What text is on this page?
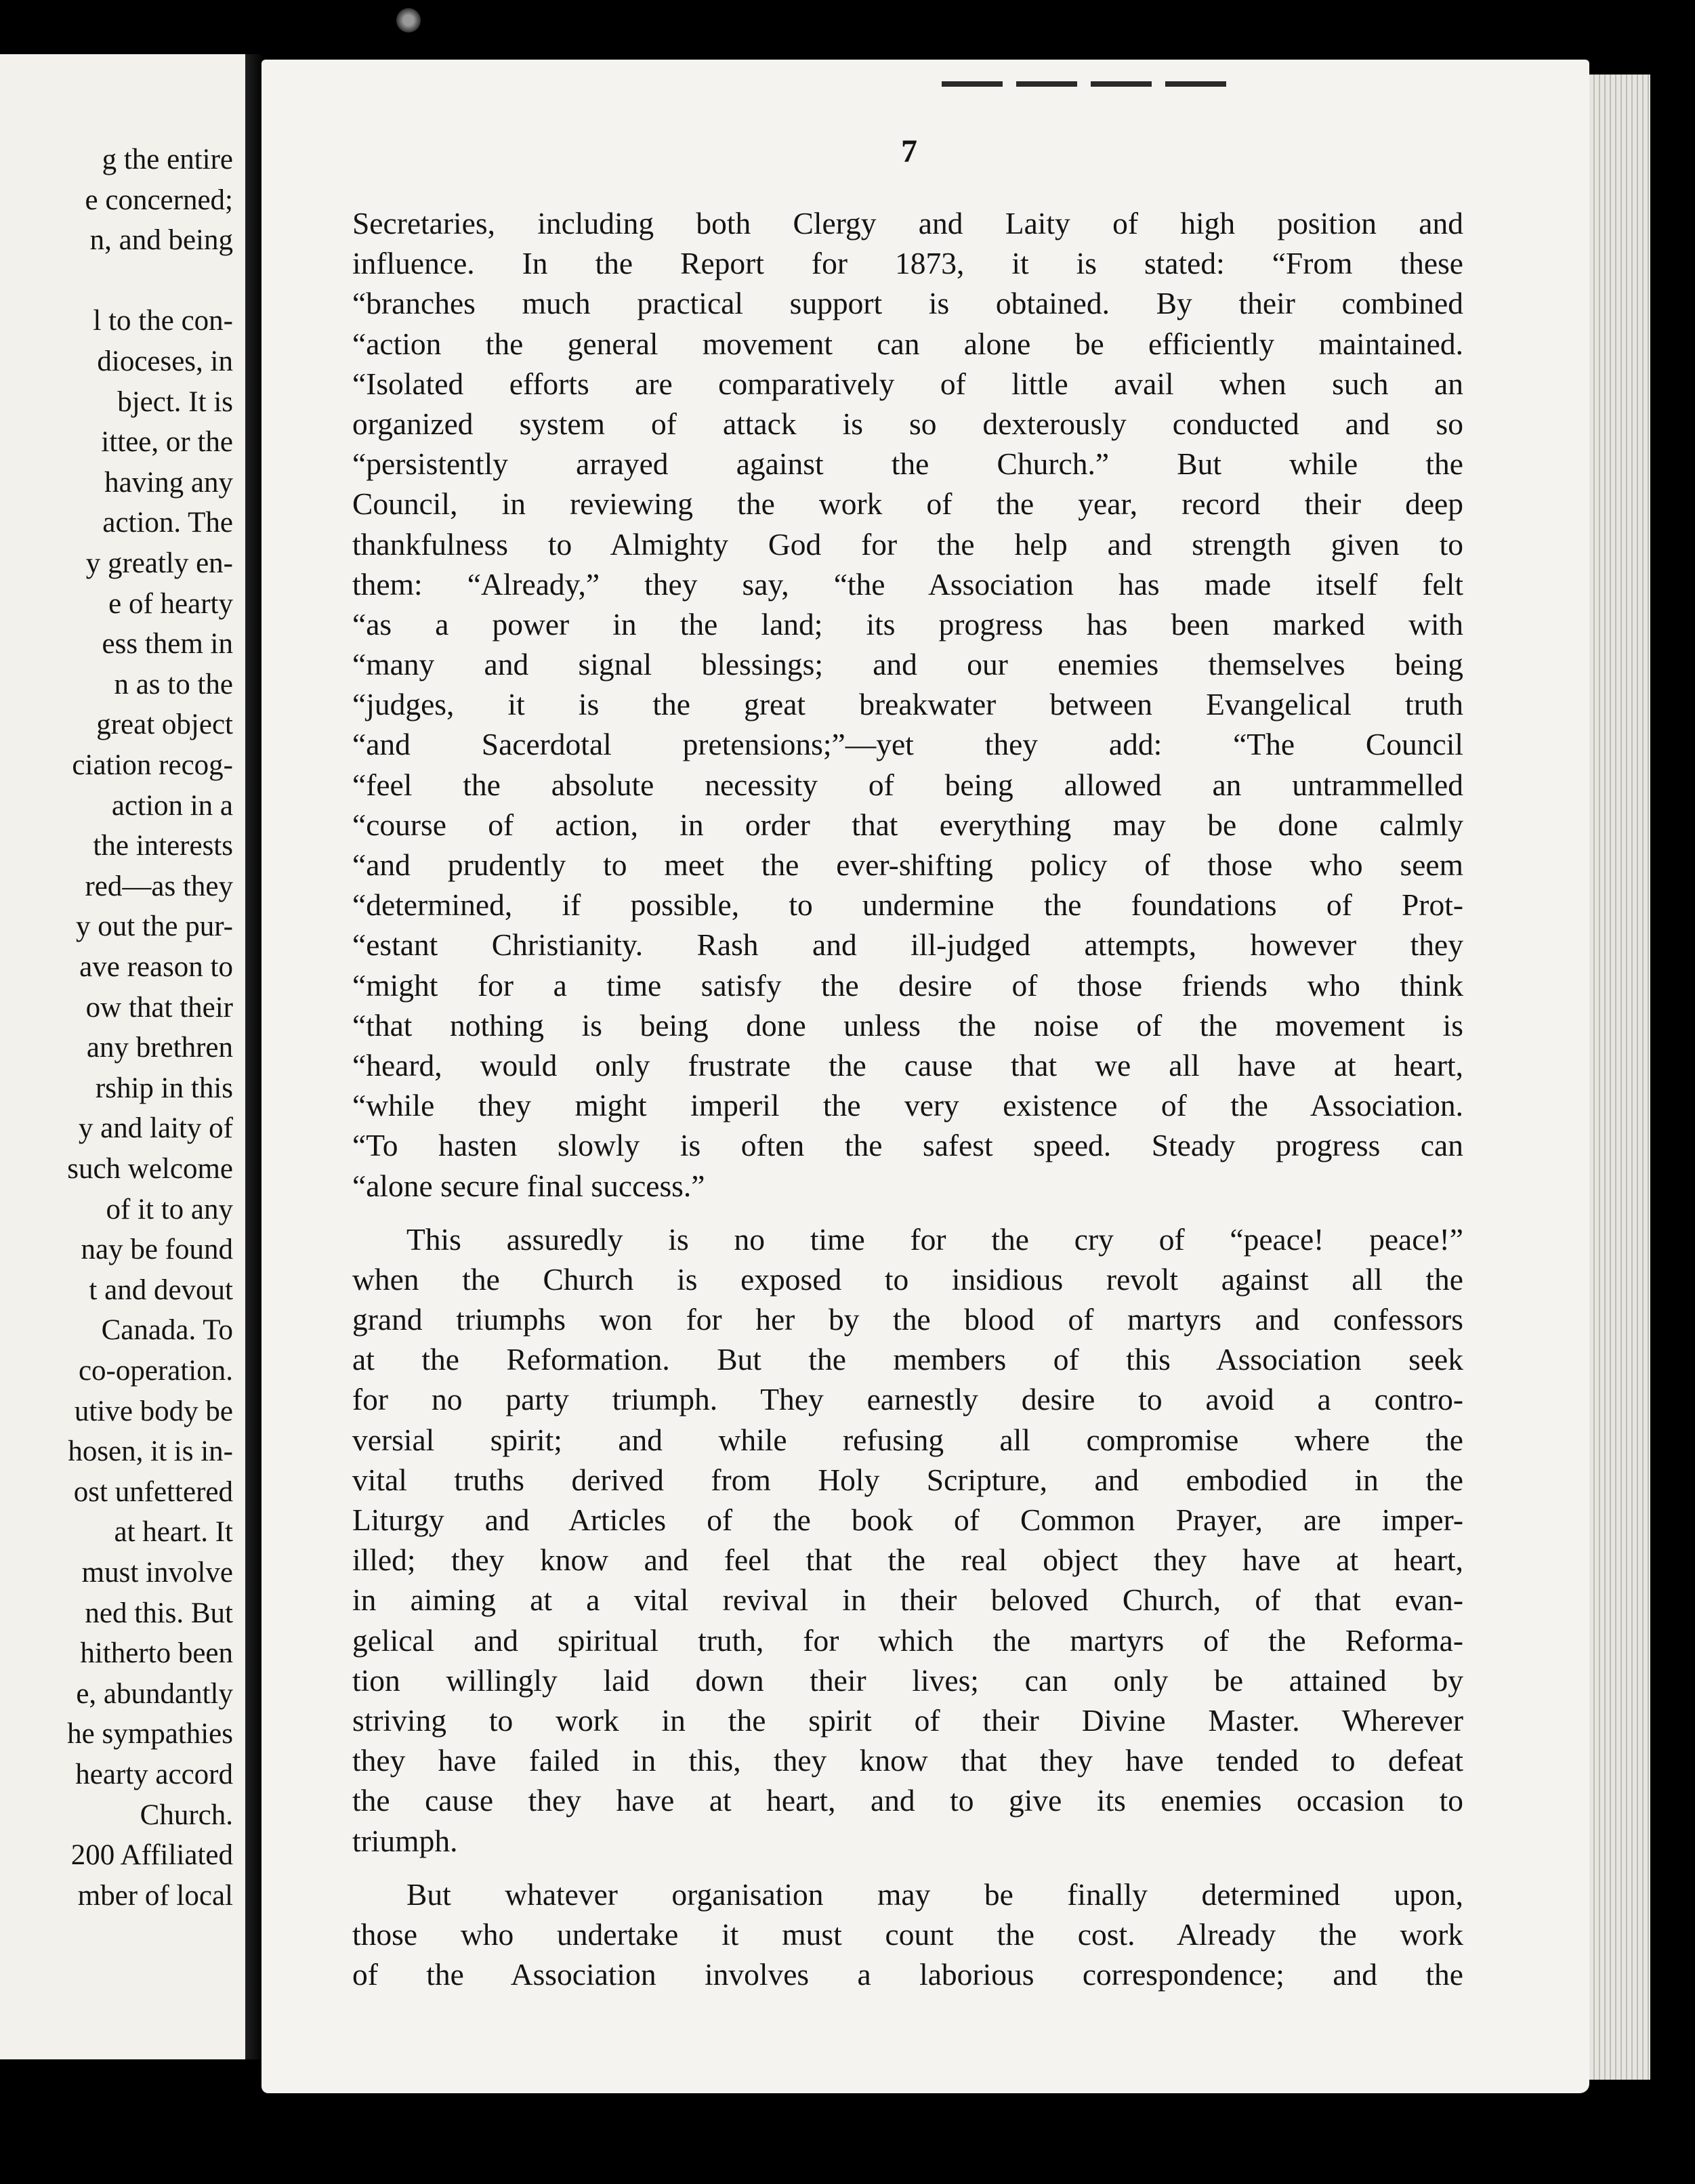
g the entire
e concerned;
n, and being
l to the con-
dioceses, in
bject. It is
ittee, or the
having any
action. The
y greatly en-
e of hearty
ess them in
n as to the
great object
ciation recog-
action in a
the interests
red—as they
y out the pur-
ave reason to
ow that their
any brethren
rship in this
y and laity of
such welcome
of it to any
nay be found
t and devout
Canada. To
co-operation.
utive body be
hosen, it is in-
ost unfettered
at heart. It
must involve
ned this. But
hitherto been
e, abundantly
he sympathies
hearty accord
Church.
200 Affiliated
mber of local
7
Secretaries, including both Clergy and Laity of high position and
influence. In the Report for 1873, it is stated: “From these
“branches much practical support is obtained. By their combined
“action the general movement can alone be efficiently maintained.
“Isolated efforts are comparatively of little avail when such an
organized system of attack is so dexterously conducted and so
“persistently arrayed against the Church.” But while the
Council, in reviewing the work of the year, record their deep
thankfulness to Almighty God for the help and strength given to
them: “Already,” they say, “the Association has made itself felt
“as a power in the land; its progress has been marked with
“many and signal blessings; and our enemies themselves being
“judges, it is the great breakwater between Evangelical truth
“and Sacerdotal pretensions;”—yet they add: “The Council
“feel the absolute necessity of being allowed an untrammelled
“course of action, in order that everything may be done calmly
“and prudently to meet the ever-shifting policy of those who seem
“determined, if possible, to undermine the foundations of Prot-
“estant Christianity. Rash and ill-judged attempts, however they
“might for a time satisfy the desire of those friends who think
“that nothing is being done unless the noise of the movement is
“heard, would only frustrate the cause that we all have at heart,
“while they might imperil the very existence of the Association.
“To hasten slowly is often the safest speed. Steady progress can
“alone secure final success.”
This assuredly is no time for the cry of “peace! peace!”
when the Church is exposed to insidious revolt against all the
grand triumphs won for her by the blood of martyrs and confessors
at the Reformation. But the members of this Association seek
for no party triumph. They earnestly desire to avoid a contro-
versial spirit; and while refusing all compromise where the
vital truths derived from Holy Scripture, and embodied in the
Liturgy and Articles of the book of Common Prayer, are imper-
illed; they know and feel that the real object they have at heart,
in aiming at a vital revival in their beloved Church, of that evan-
gelical and spiritual truth, for which the martyrs of the Reforma-
tion willingly laid down their lives; can only be attained by
striving to work in the spirit of their Divine Master. Wherever
they have failed in this, they know that they have tended to defeat
the cause they have at heart, and to give its enemies occasion to
triumph.
But whatever organisation may be finally determined upon,
those who undertake it must count the cost. Already the work
of the Association involves a laborious correspondence; and the
